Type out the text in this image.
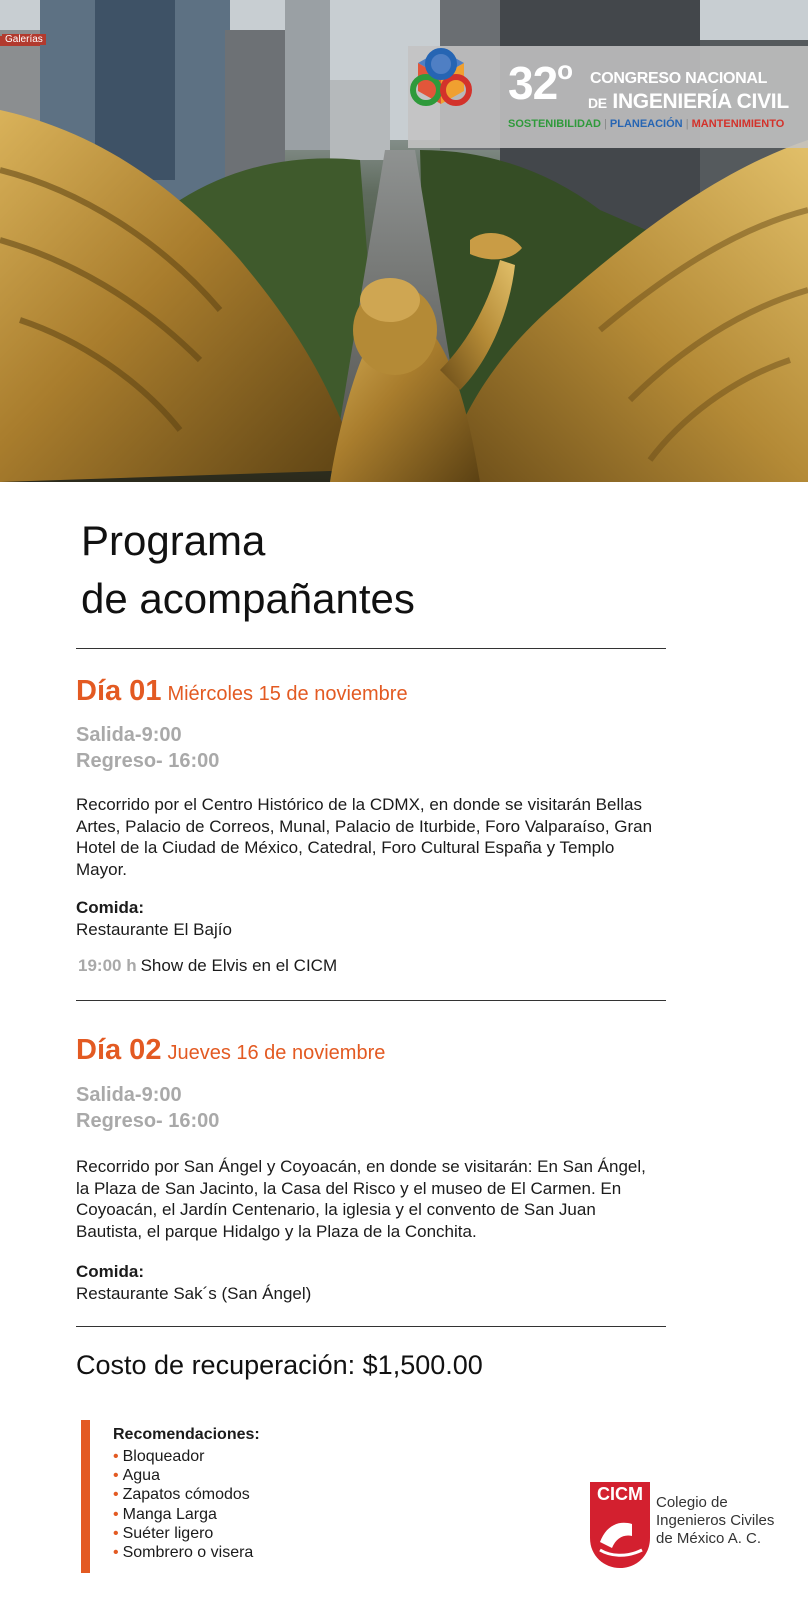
32$^o$ CONGRESO NACIONAL
DE INGENIERÍA CIVIL
SOSTENIBILIDAD | PLANEACIÓN | MANTENIMIENTO
Galerías
Programa
de acompañantes
Día 01 Miércoles 15 de noviembre
Salida-9:00
Regreso- 16:00

Recorrido por el Centro Histórico de la CDMX, en donde se visitarán Bellas Artes, Palacio de Correos, Munal, Palacio de Iturbide, Foro Valparaíso, Gran Hotel de la Ciudad de México, Catedral, Foro Cultural España y Templo Mayor.

Comida:
Restaurante El Bajío
19:00 h Show de Elvis en el CICM
Día 02 Jueves 16 de noviembre
Salida-9:00
Regreso- 16:00

Recorrido por San Ángel y Coyoacán, en donde se visitarán: En San Ángel, la Plaza de San Jacinto, la Casa del Risco y el museo de El Carmen. En Coyoacán, el Jardín Centenario, la iglesia y el convento de San Juan Bautista, el parque Hidalgo y la Plaza de la Conchita.

Comida:
Restaurante Sak´s (San Ángel)
Costo de recuperación: $1,500.00
Recomendaciones:
• Bloqueador
• Agua
• Zapatos cómodos
• Manga Larga
• Suéter ligero
• Sombrero o visera
CICM Colegio de
Ingenieros Civiles
de México A. C.
